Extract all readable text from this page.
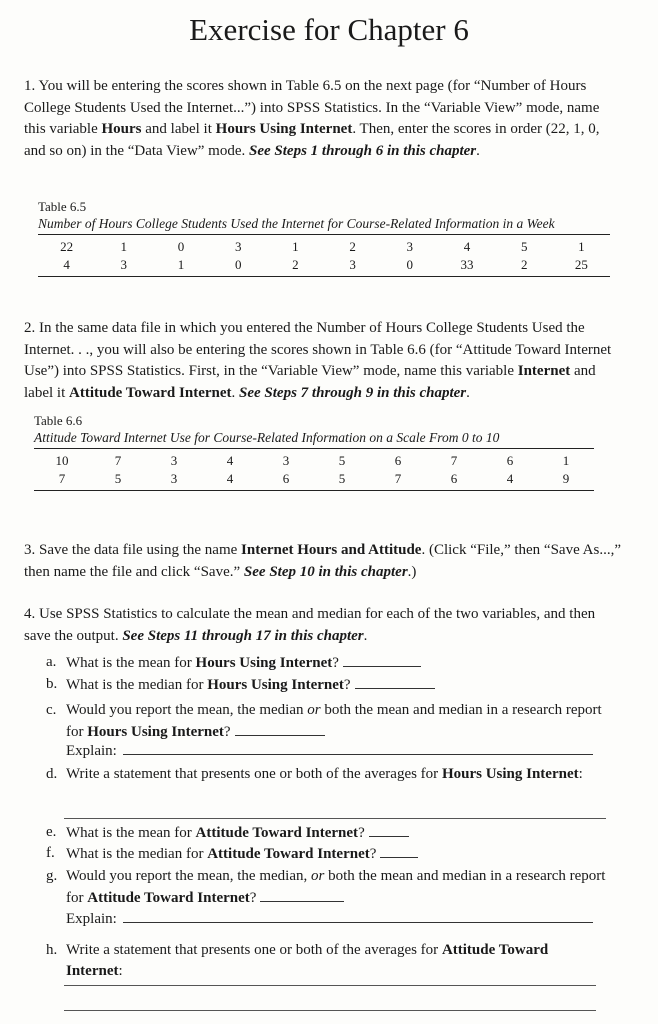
Exercise for Chapter 6
1. You will be entering the scores shown in Table 6.5 on the next page (for “Number of Hours College Students Used the Internet...”) into SPSS Statistics. In the “Variable View” mode, name this variable Hours and label it Hours Using Internet. Then, enter the scores in order (22, 1, 0, and so on) in the “Data View” mode. See Steps 1 through 6 in this chapter.
Table 6.5
Number of Hours College Students Used the Internet for Course-Related Information in a Week
22	1	0	3	1	2	3	4	5	1
4	3	1	0	2	3	0	33	2	25
2. In the same data file in which you entered the Number of Hours College Students Used the Internet. . ., you will also be entering the scores shown in Table 6.6 (for “Attitude Toward Internet Use”) into SPSS Statistics. First, in the “Variable View” mode, name this variable Internet and label it Attitude Toward Internet. See Steps 7 through 9 in this chapter.
Table 6.6
Attitude Toward Internet Use for Course-Related Information on a Scale From 0 to 10
10	7	3	4	3	5	6	7	6	1
7	5	3	4	6	5	7	6	4	9
3. Save the data file using the name Internet Hours and Attitude. (Click “File,” then “Save As...,” then name the file and click “Save.” See Step 10 in this chapter.)
4. Use SPSS Statistics to calculate the mean and median for each of the two variables, and then save the output. See Steps 11 through 17 in this chapter.
a. What is the mean for Hours Using Internet?
b. What is the median for Hours Using Internet?
c. Would you report the mean, the median or both the mean and median in a research report for Hours Using Internet?
Explain:
d. Write a statement that presents one or both of the averages for Hours Using Internet:
e. What is the mean for Attitude Toward Internet?
f. What is the median for Attitude Toward Internet?
g. Would you report the mean, the median, or both the mean and median in a research report for Attitude Toward Internet?
Explain:
h. Write a statement that presents one or both of the averages for Attitude Toward Internet:
